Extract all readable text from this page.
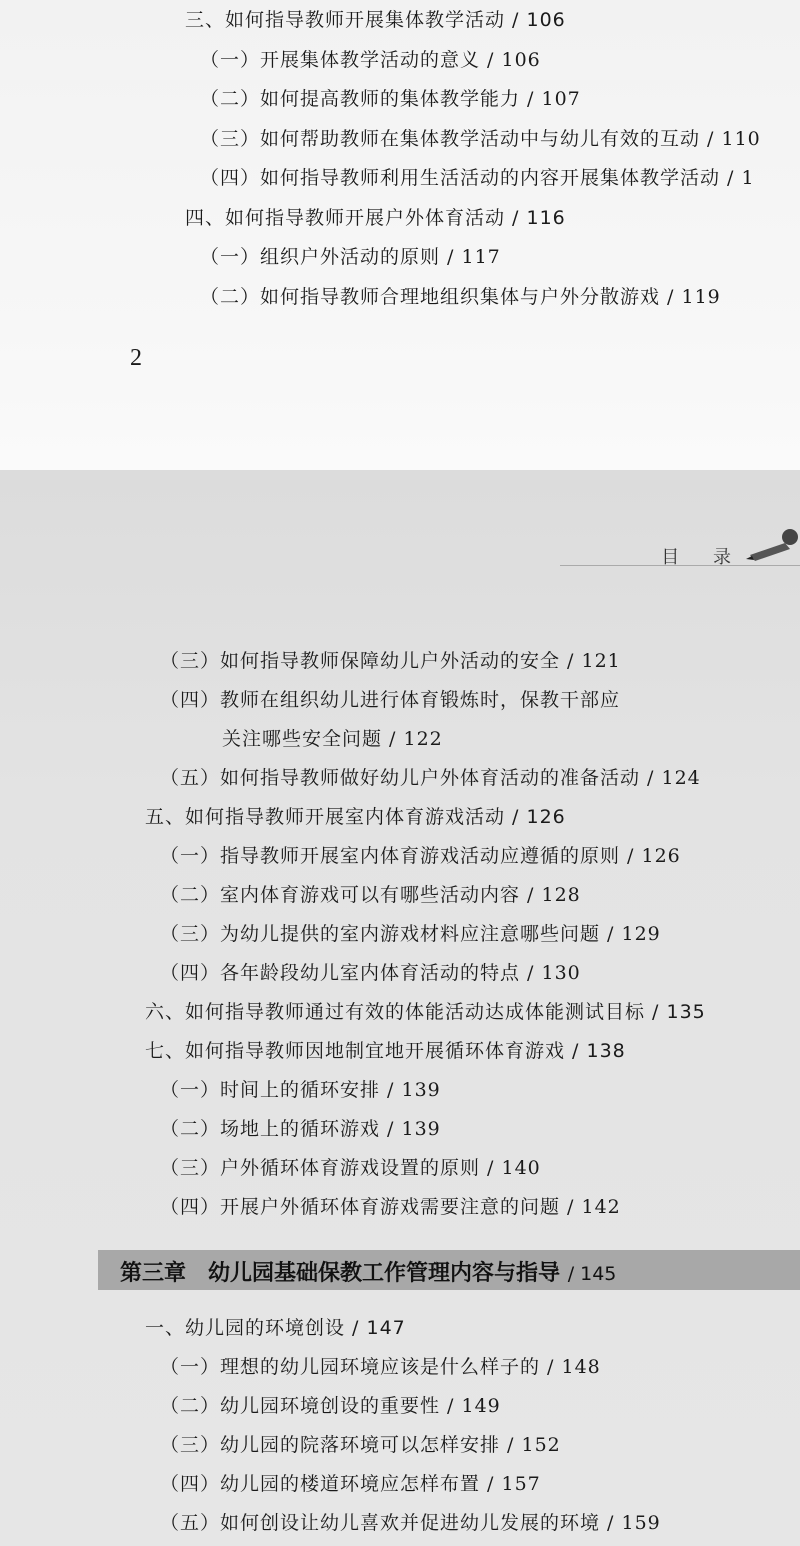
三、如何指导教师开展集体教学活动 / 106
（一）开展集体教学活动的意义 / 106
（二）如何提高教师的集体教学能力 / 107
（三）如何帮助教师在集体教学活动中与幼儿有效的互动 / 110
（四）如何指导教师利用生活活动的内容开展集体教学活动 / 1
四、如何指导教师开展户外体育活动 / 116
（一）组织户外活动的原则 / 117
（二）如何指导教师合理地组织集体与户外分散游戏 / 119
2
目 录
（三）如何指导教师保障幼儿户外活动的安全 / 121
（四）教师在组织幼儿进行体育锻炼时，保教干部应
关注哪些安全问题 / 122
（五）如何指导教师做好幼儿户外体育活动的准备活动 / 124
五、如何指导教师开展室内体育游戏活动 / 126
（一）指导教师开展室内体育游戏活动应遵循的原则 / 126
（二）室内体育游戏可以有哪些活动内容 / 128
（三）为幼儿提供的室内游戏材料应注意哪些问题 / 129
（四）各年龄段幼儿室内体育活动的特点 / 130
六、如何指导教师通过有效的体能活动达成体能测试目标 / 135
七、如何指导教师因地制宜地开展循环体育游戏 / 138
（一）时间上的循环安排 / 139
（二）场地上的循环游戏 / 139
（三）户外循环体育游戏设置的原则 / 140
（四）开展户外循环体育游戏需要注意的问题 / 142
第三章　幼儿园基础保教工作管理内容与指导 / 145
一、幼儿园的环境创设 / 147
（一）理想的幼儿园环境应该是什么样子的 / 148
（二）幼儿园环境创设的重要性 / 149
（三）幼儿园的院落环境可以怎样安排 / 152
（四）幼儿园的楼道环境应怎样布置 / 157
（五）如何创设让幼儿喜欢并促进幼儿发展的环境 / 159
